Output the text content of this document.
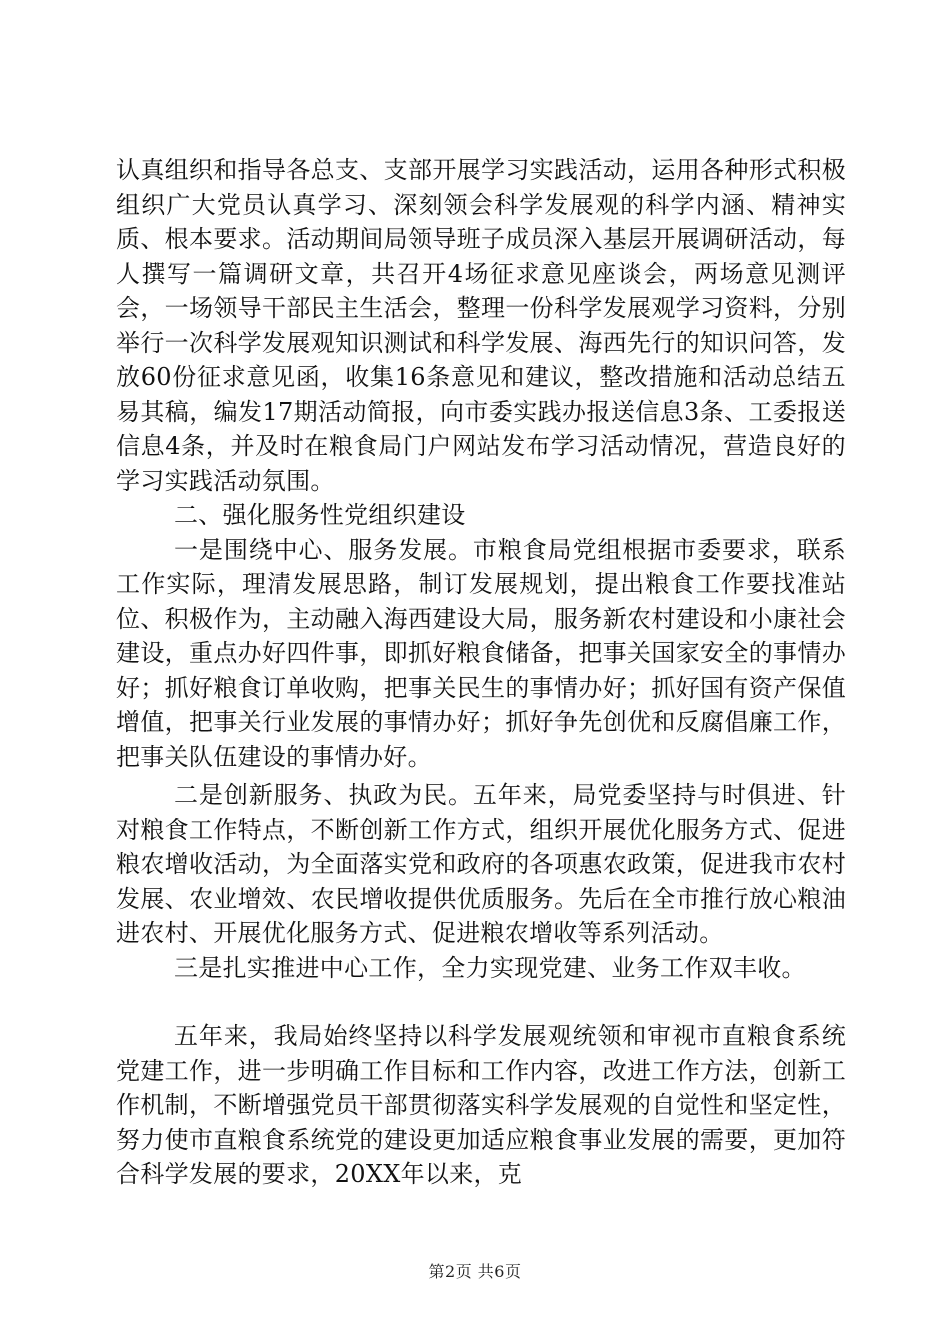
认真组织和指导各总支、支部开展学习实践活动，运用各种形式积极组织广大党员认真学习、深刻领会科学发展观的科学内涵、精神实质、根本要求。活动期间局领导班子成员深入基层开展调研活动，每人撰写一篇调研文章，共召开4场征求意见座谈会，两场意见测评会，一场领导干部民主生活会，整理一份科学发展观学习资料，分别举行一次科学发展观知识测试和科学发展、海西先行的知识问答，发放60份征求意见函，收集16条意见和建议，整改措施和活动总结五易其稿，编发17期活动简报，向市委实践办报送信息3条、工委报送信息4条，并及时在粮食局门户网站发布学习活动情况，营造良好的学习实践活动氛围。

二、强化服务性党组织建设

一是围绕中心、服务发展。市粮食局党组根据市委要求，联系工作实际，理清发展思路，制订发展规划，提出粮食工作要找准站位、积极作为，主动融入海西建设大局，服务新农村建设和小康社会建设，重点办好四件事，即抓好粮食储备，把事关国家安全的事情办好；抓好粮食订单收购，把事关民生的事情办好；抓好国有资产保值增值，把事关行业发展的事情办好；抓好争先创优和反腐倡廉工作，把事关队伍建设的事情办好。

二是创新服务、执政为民。五年来，局党委坚持与时俱进、针对粮食工作特点，不断创新工作方式，组织开展优化服务方式、促进粮农增收活动，为全面落实党和政府的各项惠农政策，促进我市农村发展、农业增效、农民增收提供优质服务。先后在全市推行放心粮油进农村、开展优化服务方式、促进粮农增收等系列活动。

三是扎实推进中心工作，全力实现党建、业务工作双丰收。

五年来，我局始终坚持以科学发展观统领和审视市直粮食系统党建工作，进一步明确工作目标和工作内容，改进工作方法，创新工作机制，不断增强党员干部贯彻落实科学发展观的自觉性和坚定性，努力使市直粮食系统党的建设更加适应粮食事业发展的需要，更加符合科学发展的要求，20XX年以来，克

第2页 共6页
